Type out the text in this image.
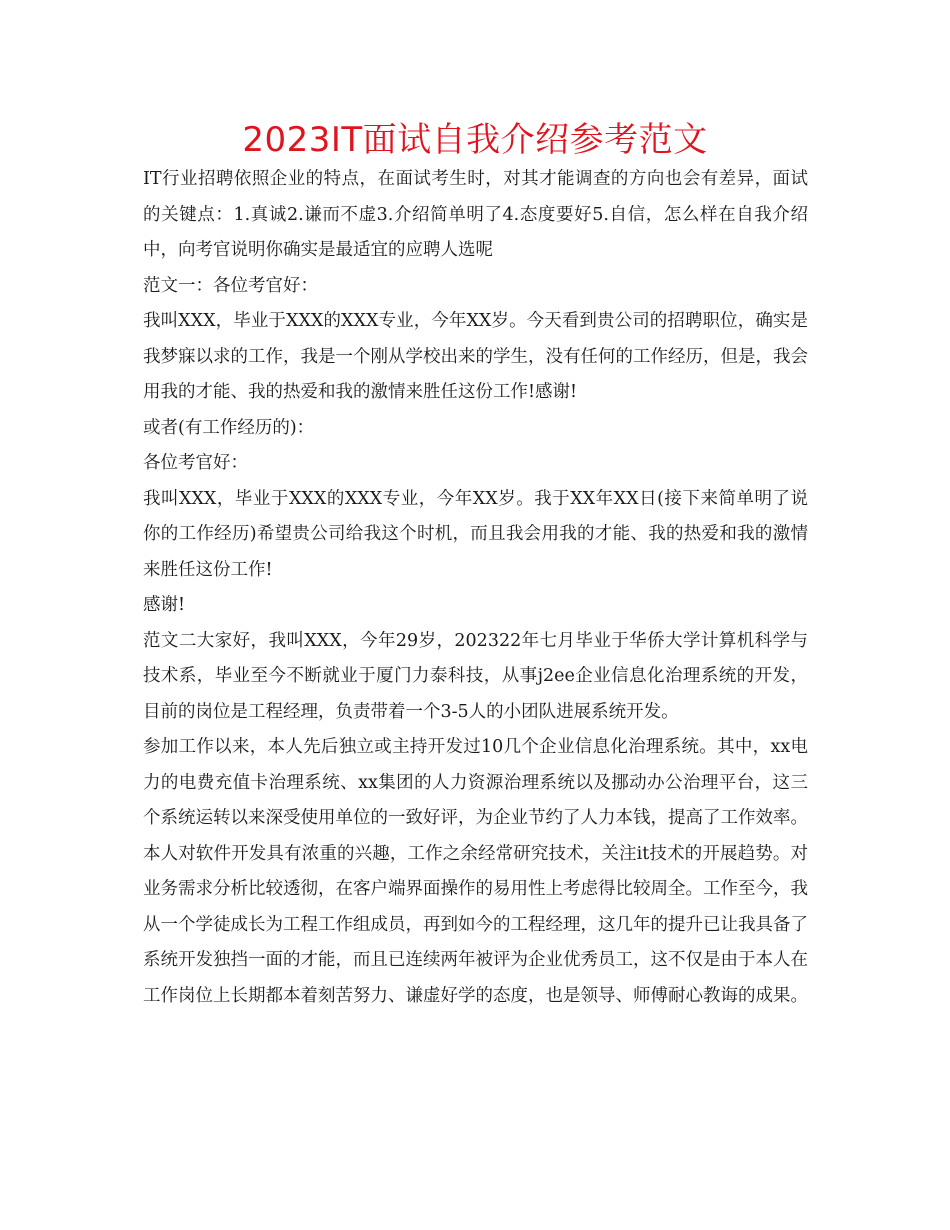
2023IT面试自我介绍参考范文

IT行业招聘依照企业的特点，在面试考生时，对其才能调查的方向也会有差异，面试的关键点：1.真诚2.谦而不虚3.介绍简单明了4.态度要好5.自信，怎么样在自我介绍中，向考官说明你确实是最适宜的应聘人选呢

范文一：各位考官好：

我叫XXX，毕业于XXX的XXX专业，今年XX岁。今天看到贵公司的招聘职位，确实是我梦寐以求的工作，我是一个刚从学校出来的学生，没有任何的工作经历，但是，我会用我的才能、我的热爱和我的激情来胜任这份工作!感谢!

或者(有工作经历的)：

各位考官好：

我叫XXX，毕业于XXX的XXX专业，今年XX岁。我于XX年XX日(接下来简单明了说你的工作经历)希望贵公司给我这个时机，而且我会用我的才能、我的热爱和我的激情来胜任这份工作!

感谢!

范文二大家好，我叫XXX，今年29岁，202322年七月毕业于华侨大学计算机科学与技术系，毕业至今不断就业于厦门力泰科技，从事j2ee企业信息化治理系统的开发，目前的岗位是工程经理，负责带着一个3-5人的小团队进展系统开发。

参加工作以来，本人先后独立或主持开发过10几个企业信息化治理系统。其中，xx电力的电费充值卡治理系统、xx集团的人力资源治理系统以及挪动办公治理平台，这三个系统运转以来深受使用单位的一致好评，为企业节约了人力本钱，提高了工作效率。

本人对软件开发具有浓重的兴趣，工作之余经常研究技术，关注it技术的开展趋势。对业务需求分析比较透彻，在客户端界面操作的易用性上考虑得比较周全。工作至今，我从一个学徒成长为工程工作组成员，再到如今的工程经理，这几年的提升已让我具备了系统开发独挡一面的才能，而且已连续两年被评为企业优秀员工，这不仅是由于本人在工作岗位上长期都本着刻苦努力、谦虚好学的态度，也是领导、师傅耐心教诲的成果。
